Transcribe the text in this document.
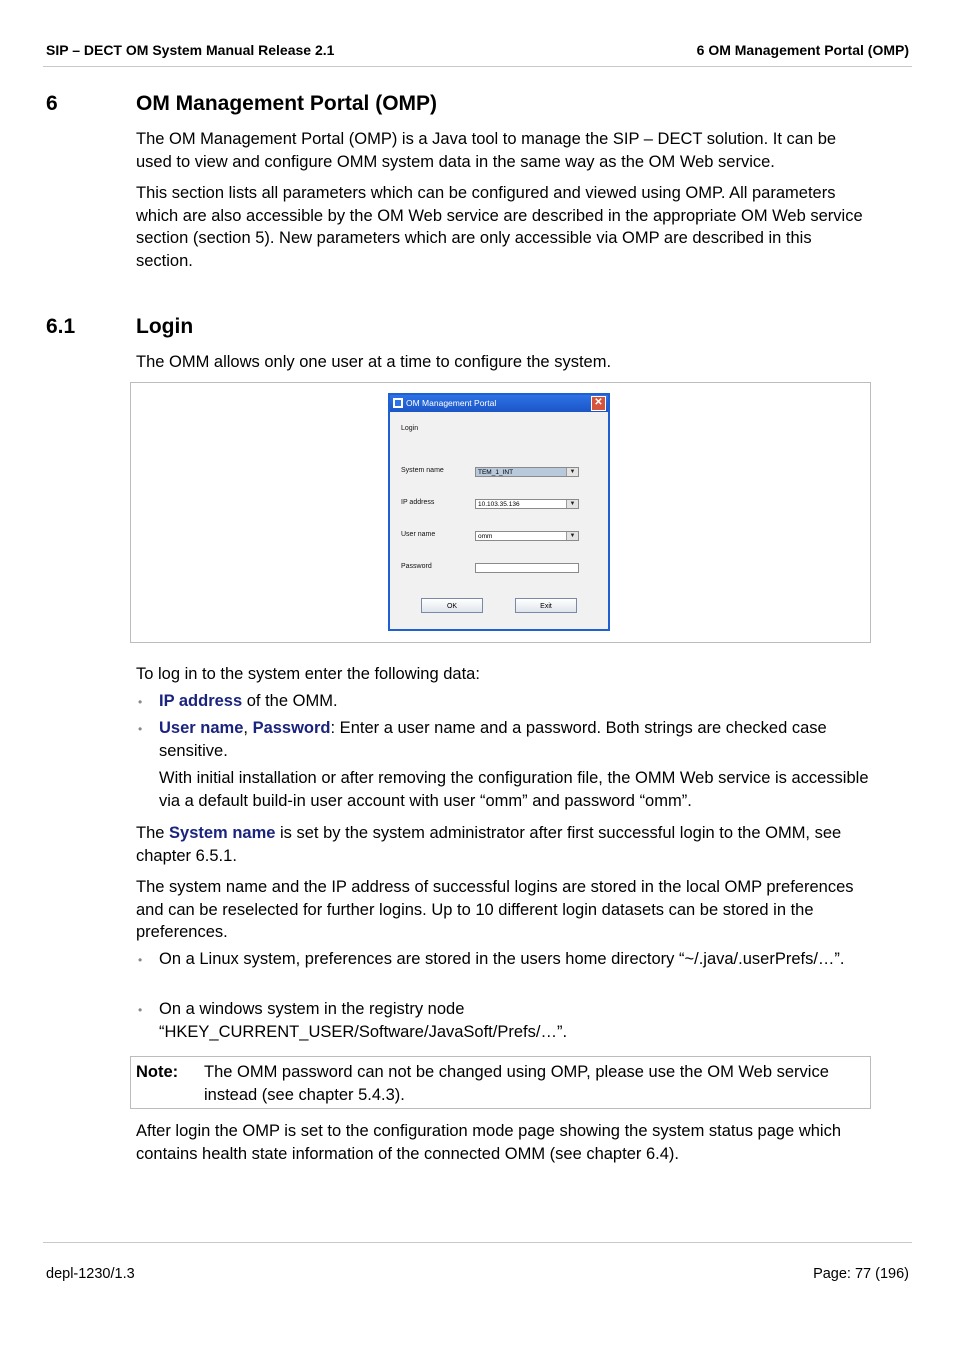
SIP – DECT OM System Manual Release 2.1	6 OM Management Portal (OMP)
6	OM Management Portal (OMP)
The OM Management Portal (OMP) is a Java tool to manage the SIP – DECT solution. It can be used to view and configure OMM system data in the same way as the OM Web service.
This section lists all parameters which can be configured and viewed using OMP. All parameters which are also accessible by the OM Web service are described in the appropriate OM Web service section (section 5). New parameters which are only accessible via OMP are described in this section.
6.1	Login
The OMM allows only one user at a time to configure the system.
OM Management Portal	✕
Login
System name	TEM_1_INT	▼
IP address	10.103.35.136	▼
User name	omm	▼
Password
OK	Exit
To log in to the system enter the following data:
• IP address of the OMM.
• User name, Password: Enter a user name and a password. Both strings are checked case sensitive.
With initial installation or after removing the configuration file, the OMM Web service is accessible via a default build-in user account with user “omm” and password “omm”.
The System name is set by the system administrator after first successful login to the OMM, see chapter 6.5.1.
The system name and the IP address of successful logins are stored in the local OMP preferences and can be reselected for further logins. Up to 10 different login datasets can be stored in the preferences.
• On a Linux system, preferences are stored in the users home directory “~/.java/.userPrefs/…”.
• On a windows system in the registry node “HKEY_CURRENT_USER/Software/JavaSoft/Prefs/…”.
Note: The OMM password can not be changed using OMP, please use the OM Web service instead (see chapter 5.4.3).
After login the OMP is set to the configuration mode page showing the system status page which contains health state information of the connected OMM (see chapter 6.4).
depl-1230/1.3	Page: 77 (196)
